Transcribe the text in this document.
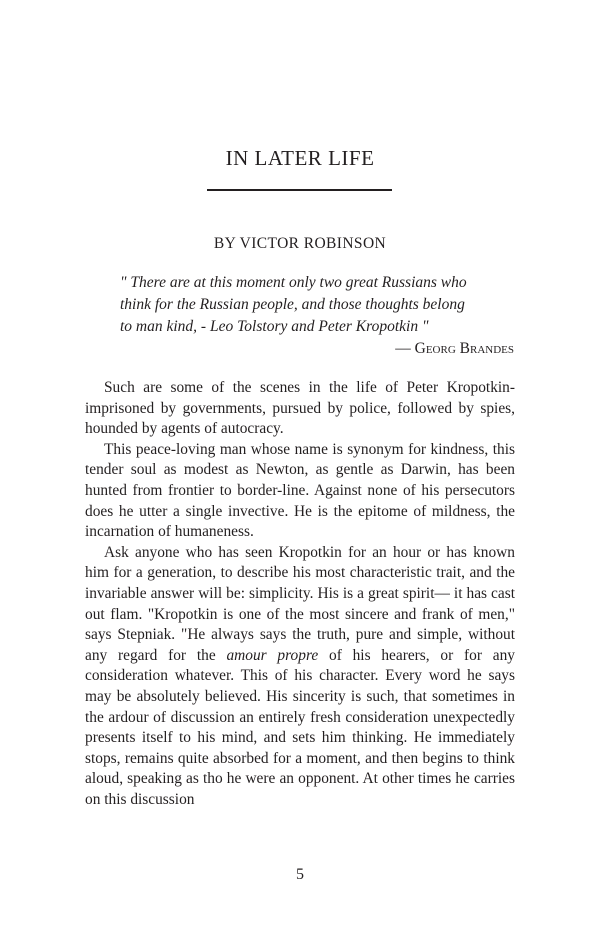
IN LATER LIFE
BY VICTOR ROBINSON
" There are at this moment only two great Russians who
think for the Russian people, and those thoughts belong
to man kind, - Leo Tolstory and Peter Kropotkin "
— Georg Brandes

Such are some of the scenes in the life of Peter Kropotkin-imprisoned by governments, pursued by police, followed by spies, hounded by agents of autocracy.

This peace-loving man whose name is synonym for kindness, this tender soul as modest as Newton, as gentle as Darwin, has been hunted from frontier to border-line. Against none of his persecutors does he utter a single invective. He is the epitome of mildness, the incarnation of humaneness.

Ask anyone who has seen Kropotkin for an hour or has known him for a generation, to describe his most characteristic trait, and the invariable answer will be: simplicity. His is a great spirit— it has cast out flam. "Kropotkin is one of the most sincere and frank of men," says Stepniak. "He always says the truth, pure and simple, without any regard for the amour propre of his hearers, or for any consideration whatever. This of his character. Every word he says may be absolutely believed. His sincerity is such, that sometimes in the ardour of discussion an entirely fresh consideration unexpectedly presents itself to his mind, and sets him thinking. He immediately stops, remains quite absorbed for a moment, and then begins to think aloud, speaking as tho he were an opponent. At other times he carries on this discussion

5
